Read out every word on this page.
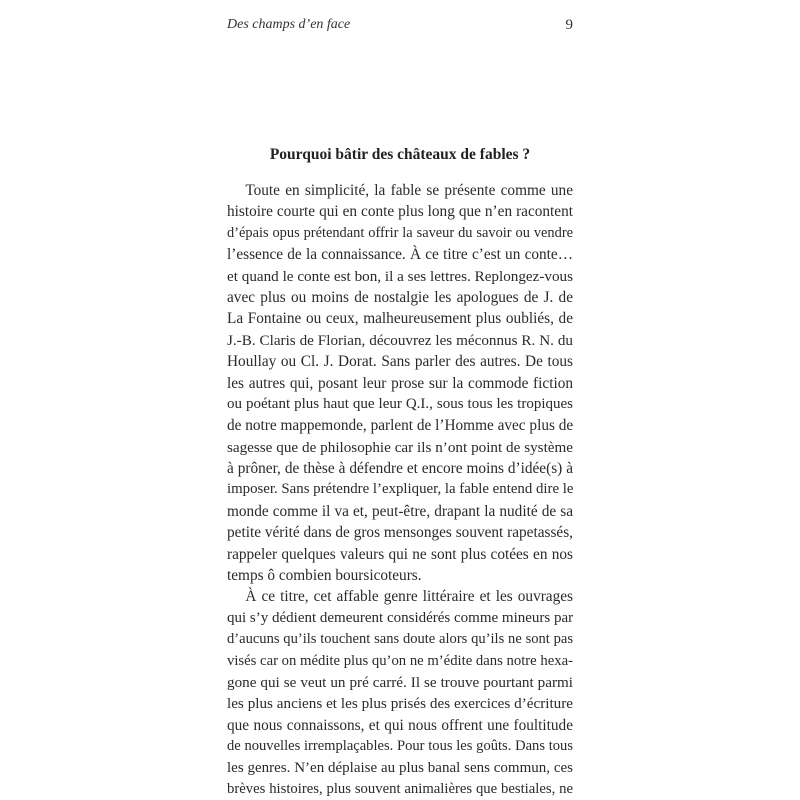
Des champs d’en face	9
Pourquoi bâtir des châteaux de fables ?
Toute en simplicité, la fable se présente comme une
histoire courte qui en conte plus long que n’en racontent
d’épais opus prétendant offrir la saveur du savoir ou vendre
l’essence de la connaissance. À ce titre c’est un conte…
et quand le conte est bon, il a ses lettres. Replongez-vous
avec plus ou moins de nostalgie les apologues de J. de
La Fontaine ou ceux, malheureusement plus oubliés, de
J.-B. Claris de Florian, découvrez les méconnus R. N. du
Houllay ou Cl. J. Dorat. Sans parler des autres. De tous
les autres qui, posant leur prose sur la commode fiction
ou poétant plus haut que leur Q.I., sous tous les tropiques
de notre mappemonde, parlent de l’Homme avec plus de
sagesse que de philosophie car ils n’ont point de système
à prôner, de thèse à défendre et encore moins d’idée(s) à
imposer. Sans prétendre l’expliquer, la fable entend dire le
monde comme il va et, peut-être, drapant la nudité de sa
petite vérité dans de gros mensonges souvent rapetassés,
rappeler quelques valeurs qui ne sont plus cotées en nos
temps ô combien boursicoteurs.
À ce titre, cet affable genre littéraire et les ouvrages
qui s’y dédient demeurent considérés comme mineurs par
d’aucuns qu’ils touchent sans doute alors qu’ils ne sont pas
visés car on médite plus qu’on ne m’édite dans notre hexa-
gone qui se veut un pré carré. Il se trouve pourtant parmi
les plus anciens et les plus prisés des exercices d’écriture
que nous connaissons, et qui nous offrent une foultitude
de nouvelles irremplaçables. Pour tous les goûts. Dans tous
les genres. N’en déplaise au plus banal sens commun, ces
brèves histoires, plus souvent animalières que bestiales, ne
